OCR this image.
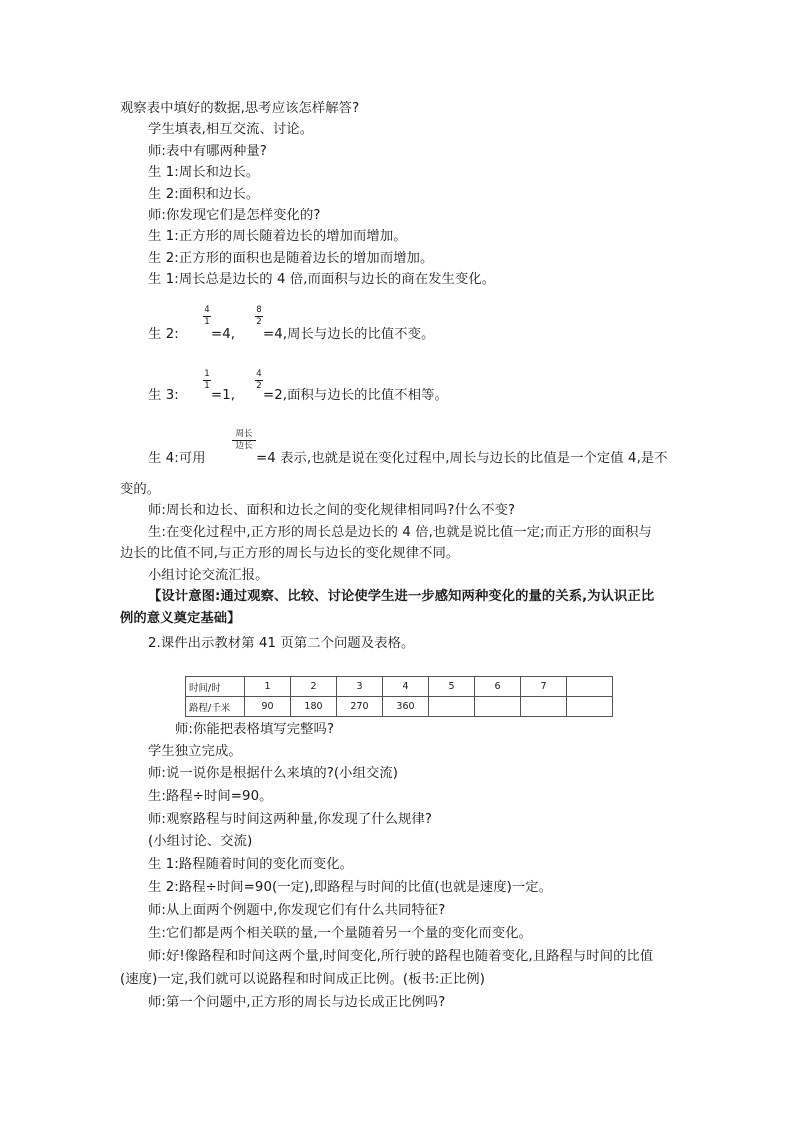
观察表中填好的数据,思考应该怎样解答?
学生填表,相互交流、讨论。
师:表中有哪两种量?
生 1:周长和边长。
生 2:面积和边长。
师:你发现它们是怎样变化的?
生 1:正方形的周长随着边长的增加而增加。
生 2:正方形的面积也是随着边长的增加而增加。
生 1:周长总是边长的 4 倍,而面积与边长的商在发生变化。
生 2:
4
1
=4,
8
2
=4,周长与边长的比值不变。
生 3:
1
1
=1,
4
2
=2,面积与边长的比值不相等。
生 4:可用
周长
边长
=4 表示,也就是说在变化过程中,周长与边长的比值是一个定值 4,是不
变的。
师:周长和边长、面积和边长之间的变化规律相同吗?什么不变?
生:在变化过程中,正方形的周长总是边长的 4 倍,也就是说比值一定;而正方形的面积与
边长的比值不同,与正方形的周长与边长的变化规律不同。
小组讨论交流汇报。
【设计意图:通过观察、比较、讨论使学生进一步感知两种变化的量的关系,为认识正比
例的意义奠定基础】
2.课件出示教材第 41 页第二个问题及表格。
时间/时	1	2	3	4	5	6	7	
路程/千米	90	180	270	360				
师:你能把表格填写完整吗?
学生独立完成。
师:说一说你是根据什么来填的?(小组交流)
生:路程÷时间=90。
师:观察路程与时间这两种量,你发现了什么规律?
(小组讨论、交流)
生 1:路程随着时间的变化而变化。
生 2:路程÷时间=90(一定),即路程与时间的比值(也就是速度)一定。
师:从上面两个例题中,你发现它们有什么共同特征?
生:它们都是两个相关联的量,一个量随着另一个量的变化而变化。
师:好!像路程和时间这两个量,时间变化,所行驶的路程也随着变化,且路程与时间的比值
(速度)一定,我们就可以说路程和时间成正比例。(板书:正比例)
师:第一个问题中,正方形的周长与边长成正比例吗?
